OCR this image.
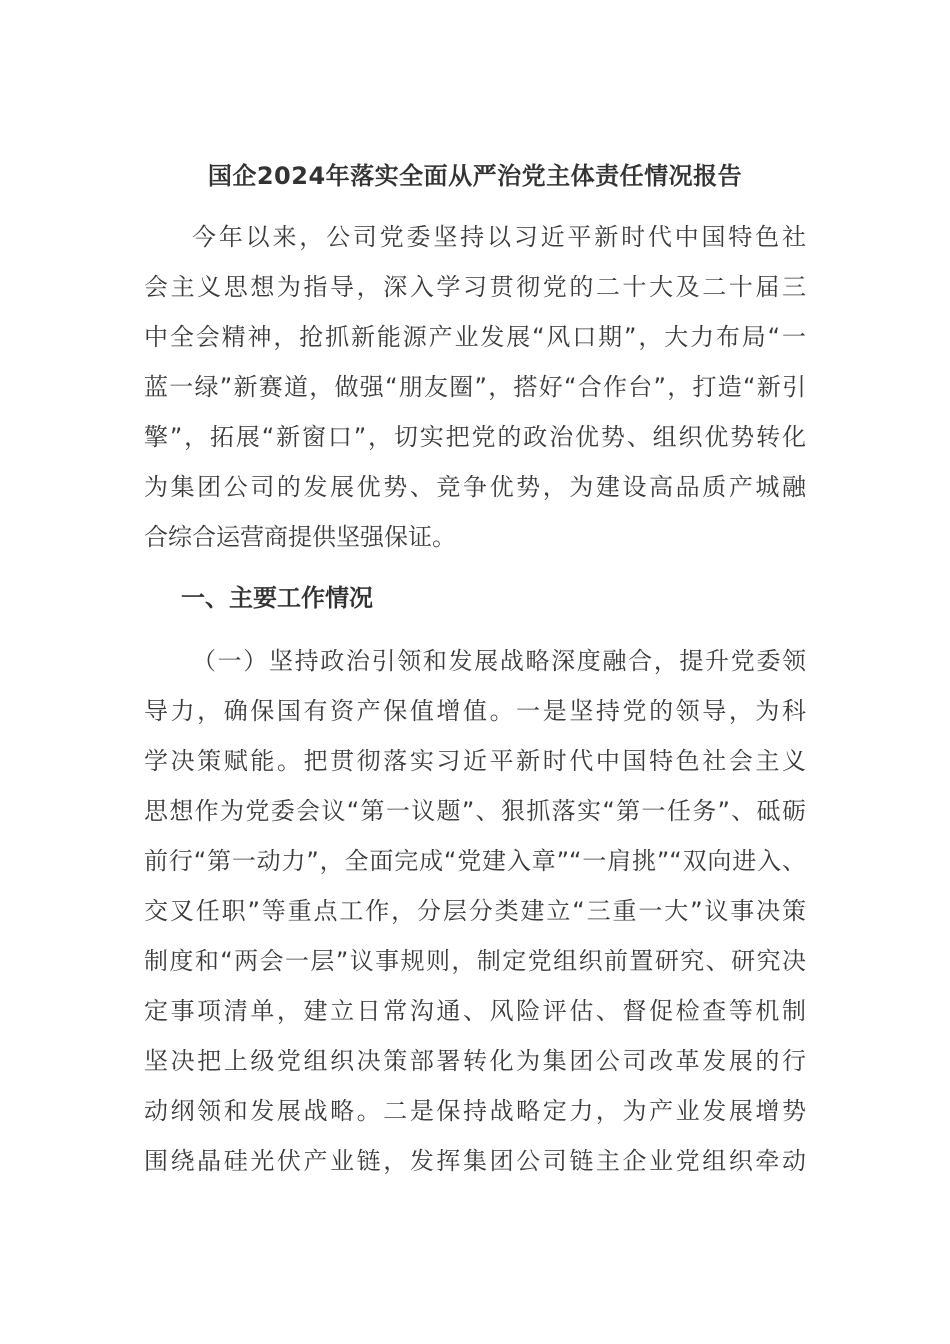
国企2024年落实全面从严治党主体责任情况报告
今年以来，公司党委坚持以习近平新时代中国特色社
会主义思想为指导，深入学习贯彻党的二十大及二十届三
中全会精神，抢抓新能源产业发展“风口期”，大力布局“一
蓝一绿”新赛道，做强“朋友圈”，搭好“合作台”，打造“新引
擎”，拓展“新窗口”，切实把党的政治优势、组织优势转化
为集团公司的发展优势、竞争优势，为建设高品质产城融
合综合运营商提供坚强保证。
一、主要工作情况
（一）坚持政治引领和发展战略深度融合，提升党委领
导力，确保国有资产保值增值。一是坚持党的领导，为科
学决策赋能。把贯彻落实习近平新时代中国特色社会主义
思想作为党委会议“第一议题”、狠抓落实“第一任务”、砥砺
前行“第一动力”，全面完成“党建入章”“一肩挑”“双向进入、
交叉任职”等重点工作，分层分类建立“三重一大”议事决策
制度和“两会一层”议事规则，制定党组织前置研究、研究决
定事项清单，建立日常沟通、风险评估、督促检查等机制
坚决把上级党组织决策部署转化为集团公司改革发展的行
动纲领和发展战略。二是保持战略定力，为产业发展增势
围绕晶硅光伏产业链，发挥集团公司链主企业党组织牵动
